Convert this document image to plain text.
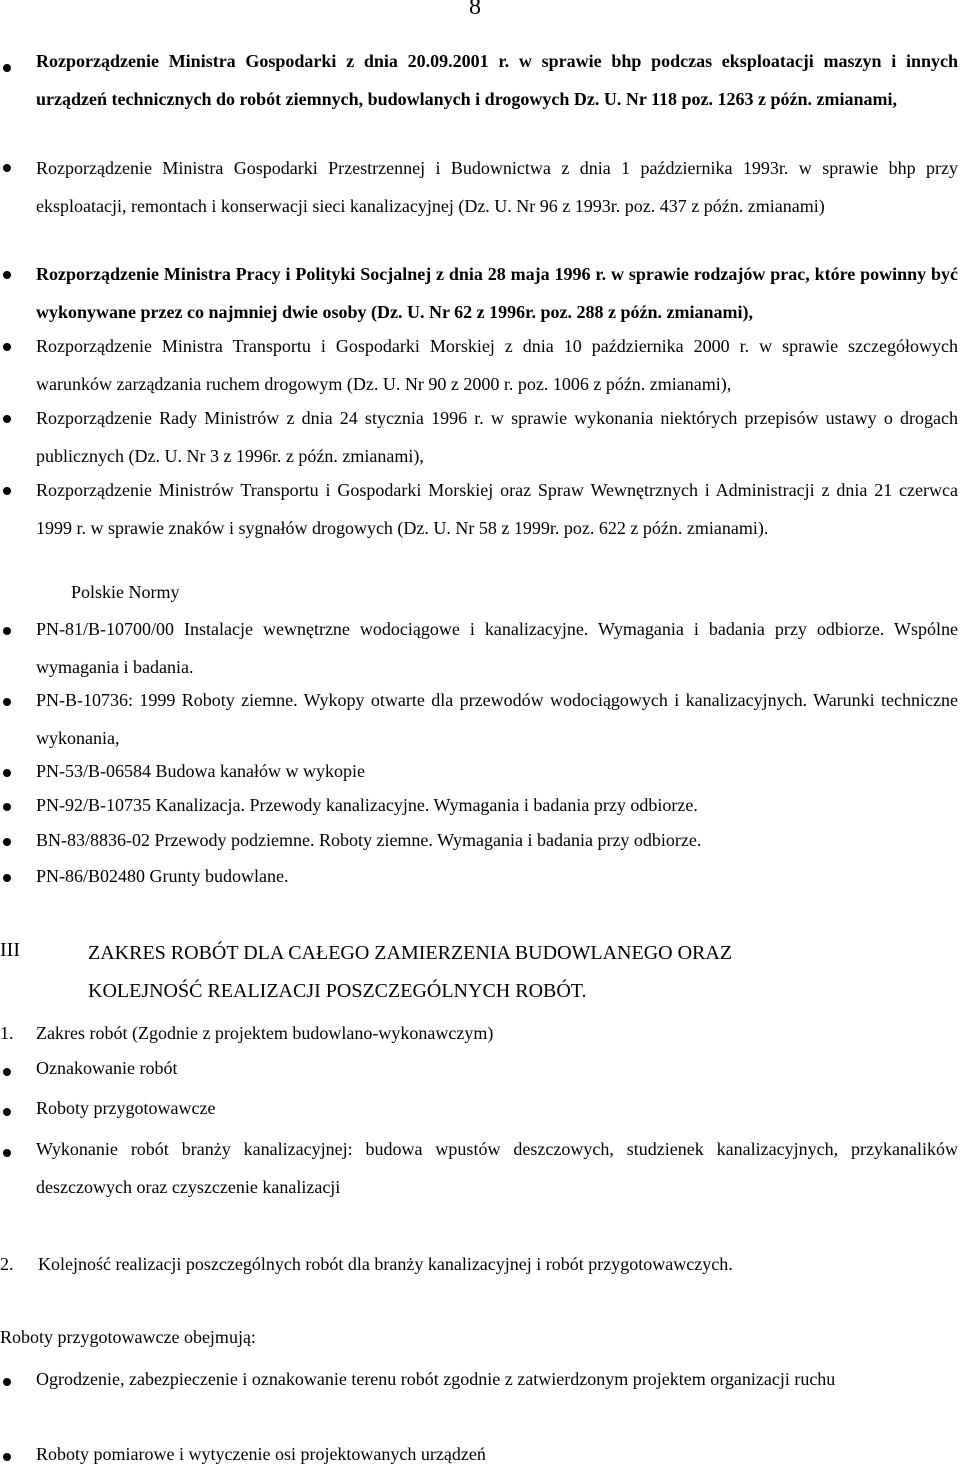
8
Rozporządzenie Ministra Gospodarki z dnia 20.09.2001 r. w sprawie bhp podczas eksploatacji maszyn i innych urządzeń technicznych do robót ziemnych, budowlanych i drogowych Dz. U. Nr 118 poz. 1263 z późn. zmianami,
Rozporządzenie Ministra Gospodarki Przestrzennej i Budownictwa z dnia 1 października 1993r. w sprawie bhp przy eksploatacji, remontach i konserwacji sieci kanalizacyjnej (Dz. U. Nr 96 z 1993r. poz. 437 z późn. zmianami)
Rozporządzenie Ministra Pracy i Polityki Socjalnej z dnia 28 maja 1996 r. w sprawie rodzajów prac, które powinny być wykonywane przez co najmniej dwie osoby (Dz. U. Nr 62 z 1996r. poz. 288 z późn. zmianami),
Rozporządzenie Ministra Transportu i Gospodarki Morskiej z dnia 10 października 2000 r. w sprawie szczegółowych warunków zarządzania ruchem drogowym (Dz. U. Nr 90 z 2000 r. poz. 1006 z późn. zmianami),
Rozporządzenie Rady Ministrów z dnia 24 stycznia 1996 r. w sprawie wykonania niektórych przepisów ustawy o drogach publicznych (Dz. U. Nr 3 z 1996r. z późn. zmianami),
Rozporządzenie Ministrów Transportu i Gospodarki Morskiej oraz Spraw Wewnętrznych i Administracji z dnia 21 czerwca 1999 r. w sprawie znaków i sygnałów drogowych (Dz. U. Nr 58 z 1999r. poz. 622 z późn. zmianami).
Polskie Normy
PN-81/B-10700/00 Instalacje wewnętrzne wodociągowe i kanalizacyjne. Wymagania i badania przy odbiorze. Wspólne wymagania i badania.
PN-B-10736: 1999 Roboty ziemne. Wykopy otwarte dla przewodów wodociągowych i kanalizacyjnych. Warunki techniczne wykonania,
PN-53/B-06584 Budowa kanałów w wykopie
PN-92/B-10735 Kanalizacja. Przewody kanalizacyjne. Wymagania i badania przy odbiorze.
BN-83/8836-02 Przewody podziemne. Roboty ziemne. Wymagania i badania przy odbiorze.
PN-86/B02480 Grunty budowlane.
III	ZAKRES ROBÓT DLA CAŁEGO ZAMIERZENIA BUDOWLANEGO ORAZ
KOLEJNOŚĆ REALIZACJI POSZCZEGÓLNYCH ROBÓT.
1. Zakres robót (Zgodnie z projektem budowlano-wykonawczym)
Oznakowanie robót
Roboty przygotowawcze
Wykonanie robót branży kanalizacyjnej: budowa wpustów deszczowych, studzienek kanalizacyjnych, przykanalików deszczowych oraz czyszczenie kanalizacji
2. Kolejność realizacji poszczególnych robót dla branży kanalizacyjnej i robót przygotowawczych.
Roboty przygotowawcze obejmują:
Ogrodzenie, zabezpieczenie i oznakowanie terenu robót zgodnie z zatwierdzonym projektem organizacji ruchu
Roboty pomiarowe i wytyczenie osi projektowanych urządzeń
